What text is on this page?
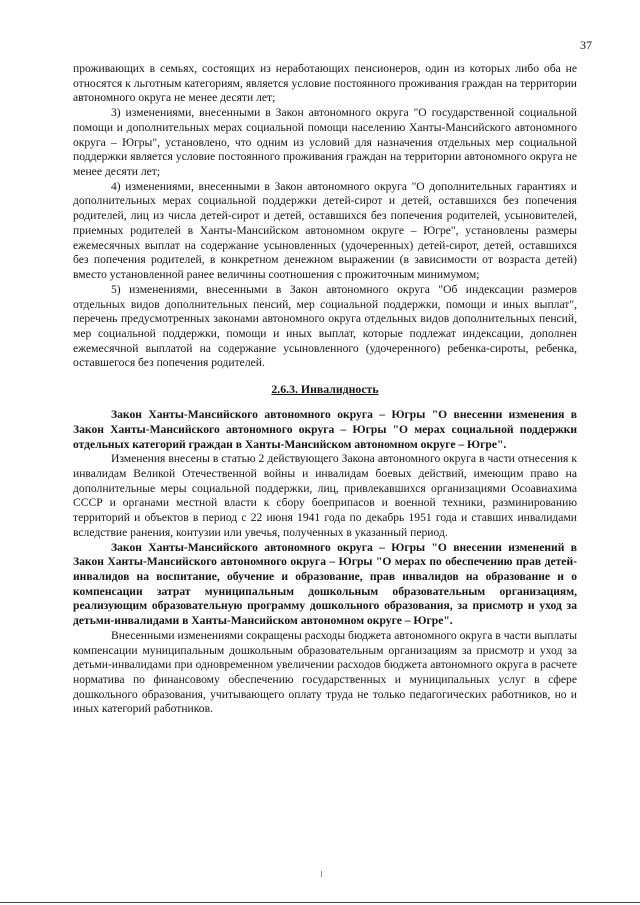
37

проживающих в семьях, состоящих из неработающих пенсионеров, один из которых либо оба не относятся к льготным категориям, является условие постоянного проживания граждан на территории автономного округа не менее десяти лет;

3) изменениями, внесенными в Закон автономного округа "О государственной социальной помощи и дополнительных мерах социальной помощи населению Ханты-Мансийского автономного округа – Югры", установлено, что одним из условий для назначения отдельных мер социальной поддержки является условие постоянного проживания граждан на территории автономного округа не менее десяти лет;

4) изменениями, внесенными в Закон автономного округа "О дополнительных гарантиях и дополнительных мерах социальной поддержки детей-сирот и детей, оставшихся без попечения родителей, лиц из числа детей-сирот и детей, оставшихся без попечения родителей, усыновителей, приемных родителей в Ханты-Мансийском автономном округе – Югре", установлены размеры ежемесячных выплат на содержание усыновленных (удочеренных) детей-сирот, детей, оставшихся без попечения родителей, в конкретном денежном выражении (в зависимости от возраста детей) вместо установленной ранее величины соотношения с прожиточным минимумом;

5) изменениями, внесенными в Закон автономного округа "Об индексации размеров отдельных видов дополнительных пенсий, мер социальной поддержки, помощи и иных выплат", перечень предусмотренных законами автономного округа отдельных видов дополнительных пенсий, мер социальной поддержки, помощи и иных выплат, которые подлежат индексации, дополнен ежемесячной выплатой на содержание усыновленного (удочеренного) ребенка-сироты, ребенка, оставшегося без попечения родителей.

2.6.3. Инвалидность

Закон Ханты-Мансийского автономного округа – Югры "О внесении изменения в Закон Ханты-Мансийского автономного округа – Югры "О мерах социальной поддержки отдельных категорий граждан в Ханты-Мансийском автономном округе – Югре".

Изменения внесены в статью 2 действующего Закона автономного округа в части отнесения к инвалидам Великой Отечественной войны и инвалидам боевых действий, имеющим право на дополнительные меры социальной поддержки, лиц, привлекавшихся организациями Осоавиахима СССР и органами местной власти к сбору боеприпасов и военной техники, разминированию территорий и объектов в период с 22 июня 1941 года по декабрь 1951 года и ставших инвалидами вследствие ранения, контузии или увечья, полученных в указанный период.

Закон Ханты-Мансийского автономного округа – Югры "О внесении изменений в Закон Ханты-Мансийского автономного округа – Югры "О мерах по обеспечению прав детей-инвалидов на воспитание, обучение и образование, прав инвалидов на образование и о компенсации затрат муниципальным дошкольным образовательным организациям, реализующим образовательную программу дошкольного образования, за присмотр и уход за детьми-инвалидами в Ханты-Мансийском автономном округе – Югре".

Внесенными изменениями сокращены расходы бюджета автономного округа в части выплаты компенсации муниципальным дошкольным образовательным организациям за присмотр и уход за детьми-инвалидами при одновременном увеличении расходов бюджета автономного округа в расчете норматива по финансовому обеспечению государственных и муниципальных услуг в сфере дошкольного образования, учитывающего оплату труда не только педагогических работников, но и иных категорий работников.
